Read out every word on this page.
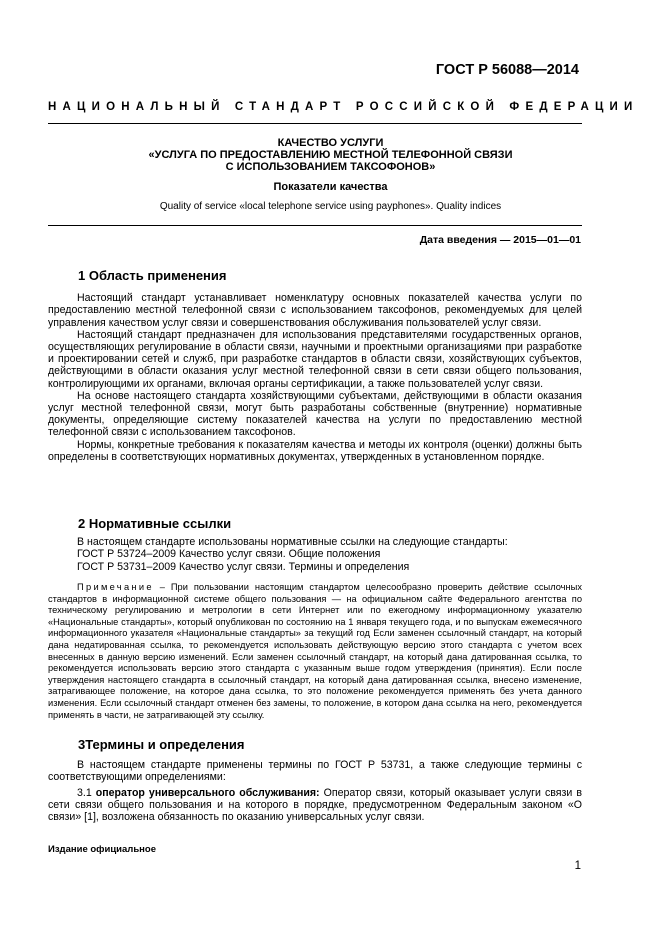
ГОСТ Р 56088—2014
НАЦИОНАЛЬНЫЙ СТАНДАРТ РОССИЙСКОЙ ФЕДЕРАЦИИ
КАЧЕСТВО УСЛУГИ
«УСЛУГА ПО ПРЕДОСТАВЛЕНИЮ МЕСТНОЙ ТЕЛЕФОННОЙ СВЯЗИ
С ИСПОЛЬЗОВАНИЕМ ТАКСОФОНОВ»
Показатели качества
Quality of service «local telephone service using payphones». Quality indices
Дата введения — 2015—01—01
1 Область применения

Настоящий стандарт устанавливает номенклатуру основных показателей качества услуги по предоставлению местной телефонной связи с использованием таксофонов, рекомендуемых для целей управления качеством услуг связи и совершенствования обслуживания пользователей услуг связи.

Настоящий стандарт предназначен для использования представителями государственных органов, осуществляющих регулирование в области связи, научными и проектными организациями при разработке и проектировании сетей и служб, при разработке стандартов в области связи, хозяйствующих субъектов, действующими в области оказания услуг местной телефонной связи в сети связи общего пользования, контролирующими их органами, включая органы сертификации, а также пользователей услуг связи.

На основе настоящего стандарта хозяйствующими субъектами, действующими в области оказания услуг местной телефонной связи, могут быть разработаны собственные (внутренние) нормативные документы, определяющие систему показателей качества на услуги по предоставлению местной телефонной связи с использованием таксофонов.

Нормы, конкретные требования к показателям качества и методы их контроля (оценки) должны быть определены в соответствующих нормативных документах, утвержденных в установленном порядке.

2 Нормативные ссылки

В настоящем стандарте использованы нормативные ссылки на следующие стандарты:

ГОСТ Р 53724–2009 Качество услуг связи. Общие положения

ГОСТ Р 53731–2009 Качество услуг связи. Термины и определения

Примечание – При пользовании настоящим стандартом целесообразно проверить действие ссылочных стандартов в информационной системе общего пользования — на официальном сайте Федерального агентства по техническому регулированию и метрологии в сети Интернет или по ежегодному информационному указателю «Национальные стандарты», который опубликован по состоянию на 1 января текущего года, и по выпускам ежемесячного информационного указателя «Национальные стандарты» за текущий год Если заменен ссылочный стандарт, на который дана недатированная ссылка, то рекомендуется использовать действующую версию этого стандарта с учетом всех внесенных в данную версию изменений. Если заменен ссылочный стандарт, на который дана датированная ссылка, то рекомендуется использовать версию этого стандарта с указанным выше годом утверждения (принятия). Если после утверждения настоящего стандарта в ссылочный стандарт, на который дана датированная ссылка, внесено изменение, затрагивающее положение, на которое дана ссылка, то это положение рекомендуется применять без учета данного изменения. Если ссылочный стандарт отменен без замены, то положение, в котором дана ссылка на него, рекомендуется применять в части, не затрагивающей эту ссылку.

3Термины и определения

В настоящем стандарте применены термины по ГОСТ Р 53731, а также следующие термины с соответствующими определениями:

3.1 оператор универсального обслуживания: Оператор связи, который оказывает услуги связи в сети связи общего пользования и на которого в порядке, предусмотренном Федеральным законом «О связи» [1], возложена обязанность по оказанию универсальных услуг связи.

Издание официальное
1
